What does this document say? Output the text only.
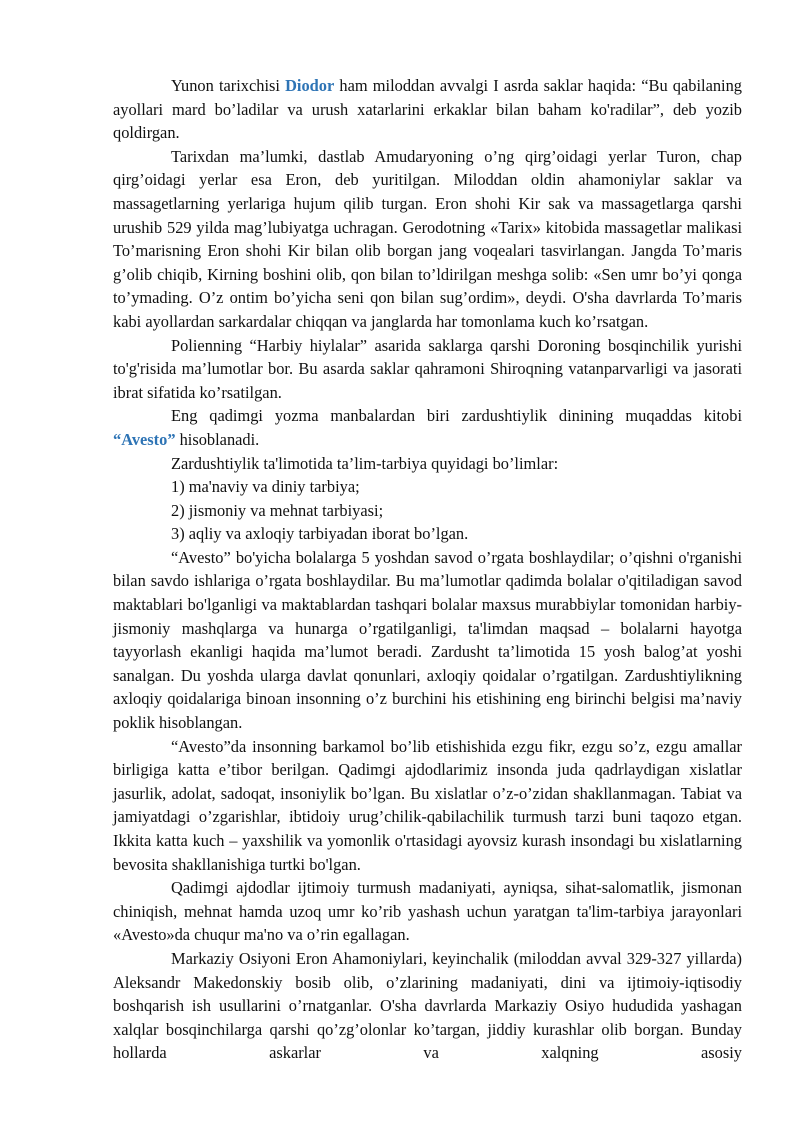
Yunon tarixchisi Diodor ham miloddan avvalgi I asrda saklar haqida: “Bu qabilaning ayollari mard bo’ladilar va urush xatarlarini erkaklar bilan baham ko'radilar”, deb yozib qoldirgan.

Tarixdan ma’lumki, dastlab Amudaryoning o’ng qirg’oidagi yerlar Turon, chap qirg’oidagi yerlar esa Eron, deb yuritilgan. Miloddan oldin ahamoniylar saklar va massagetlarning yerlariga hujum qilib turgan. Eron shohi Kir sak va massagetlarga qarshi urushib 529 yilda mag’lubiyatga uchragan. Gerodotning «Tarix» kitobida massagetlar malikasi To’marisning Eron shohi Kir bilan olib borgan jang voqealari tasvirlangan. Jangda To’maris g’olib chiqib, Kirning boshini olib, qon bilan to’ldirilgan meshga solib: «Sen umr bo’yi qonga to’ymading. O’z ontim bo’yicha seni qon bilan sug’ordim», deydi. O'sha davrlarda To’maris kabi ayollardan sarkardalar chiqqan va janglarda har tomonlama kuch ko’rsatgan.

Polienning “Harbiy hiylalar” asarida saklarga qarshi Doroning bosqinchilik yurishi to'g'risida ma’lumotlar bor. Bu asarda saklar qahramoni Shiroqning vatanparvarligi va jasorati ibrat sifatida ko’rsatilgan.

Eng qadimgi yozma manbalardan biri zardushtiylik dinining muqaddas kitobi “Avesto” hisoblanadi.

Zardushtiylik ta'limotida ta’lim-tarbiya quyidagi bo’limlar:

1) ma'naviy va diniy tarbiya;

2) jismoniy va mehnat tarbiyasi;

3) aqliy va axloqiy tarbiyadan iborat bo’lgan.

“Avesto” bo'yicha bolalarga 5 yoshdan savod o’rgata boshlaydilar; o’qishni o'rganishi bilan savdo ishlariga o’rgata boshlaydilar. Bu ma’lumotlar qadimda bolalar o'qitiladigan savod maktablari bo'lganligi va maktablardan tashqari bolalar maxsus murabbiylar tomonidan harbiy-jismoniy mashqlarga va hunarga o’rgatilganligi, ta'limdan maqsad – bolalarni hayotga tayyorlash ekanligi haqida ma’lumot beradi. Zardusht ta’limotida 15 yosh balog’at yoshi sanalgan. Du yoshda ularga davlat qonunlari, axloqiy qoidalar o’rgatilgan. Zardushtiylikning axloqiy qoidalariga binoan insonning o’z burchini his etishining eng birinchi belgisi ma’naviy poklik hisoblangan.

“Avesto”da insonning barkamol bo’lib etishishida ezgu fikr, ezgu so’z, ezgu amallar birligiga katta e’tibor berilgan. Qadimgi ajdodlarimiz insonda juda qadrlaydigan xislatlar jasurlik, adolat, sadoqat, insoniylik bo’lgan. Bu xislatlar o’z-o’zidan shakllanmagan. Tabiat va jamiyatdagi o’zgarishlar, ibtidoiy urug’chilik-qabilachilik turmush tarzi buni taqozo etgan. Ikkita katta kuch – yaxshilik va yomonlik o'rtasidagi ayovsiz kurash insondagi bu xislatlarning bevosita shakllanishiga turtki bo'lgan.

Qadimgi ajdodlar ijtimoiy turmush madaniyati, ayniqsa, sihat-salomatlik, jismonan chiniqish, mehnat hamda uzoq umr ko’rib yashash uchun yaratgan ta'lim-tarbiya jarayonlari «Avesto»da chuqur ma'no va o’rin egallagan.

Markaziy Osiyoni Eron Ahamoniylari, keyinchalik (miloddan avval 329-327 yillarda) Aleksandr Makedonskiy bosib olib, o’zlarining madaniyati, dini va ijtimoiy-iqtisodiy boshqarish ish usullarini o’rnatganlar. O'sha davrlarda Markaziy Osiyo hududida yashagan xalqlar bosqinchilarga qarshi qo’zg’olonlar ko’targan, jiddiy kurashlar olib borgan. Bunday hollarda askarlar va xalqning asosiy
